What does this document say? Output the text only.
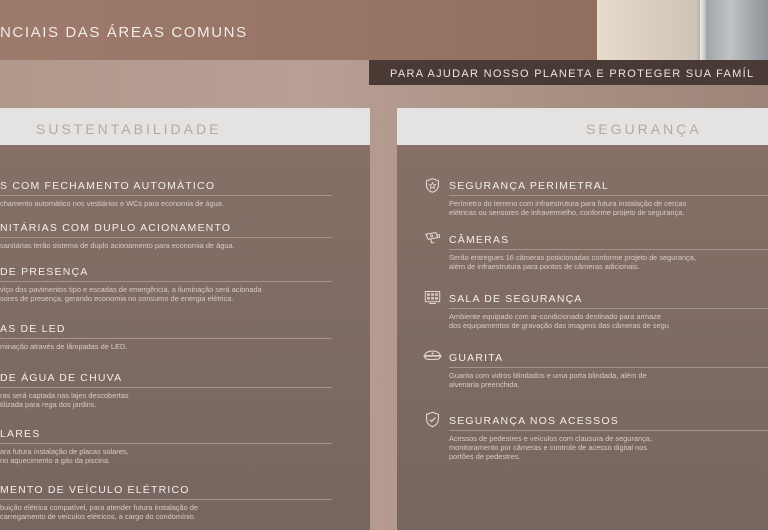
NCIAIS DAS ÁREAS COMUNS
PARA AJUDAR NOSSO PLANETA E PROTEGER SUA FAMÍL
SUSTENTABILIDADE
S COM FECHAMENTO AUTOMÁTICO
chamento automático nos vestiários e WCs para economia de água.
NITÁRIAS COM DUPLO ACIONAMENTO
sanitárias terão sistema de duplo acionamento para economia de água.
DE PRESENÇA
viço dos pavimentos tipo e escadas de emergência, a iluminação será acionada
sores de presença, gerando economia no consumo de energia elétrica.
AS DE LED
minação através de lâmpadas de LED.
DE ÁGUA DE CHUVA
ras será captada nas lajes descobertas
tilizada para rega dos jardins.
LARES
ara futura instalação de placas solares,
no aquecimento a gás da piscina.
MENTO DE VEÍCULO ELÉTRICO
buição elétrica compatível, para atender futura instalação de
carregamento de veículos elétricos, a cargo do condomínio.
SEGURANÇA
SEGURANÇA PERIMETRAL
Perímetro do terreno com infraestrutura para futura instalação de cercas
elétricas ou sensores de infravermelho, conforme projeto de segurança.
CÂMERAS
Serão entregues 16 câmeras posicionadas conforme projeto de segurança,
além de infraestrutura para pontos de câmeras adicionais.
SALA DE SEGURANÇA
Ambiente equipado com ar-condicionado destinado para armaze
dos equipamentos de gravação das imagens das câmeras de segu
GUARITA
Guarita com vidros blindados e uma porta blindada, além de
alvenaria preenchida.
SEGURANÇA NOS ACESSOS
Acessos de pedestres e veículos com clausura de segurança,
monitoramento por câmeras e controle de acesso digital nos
portões de pedestres.
